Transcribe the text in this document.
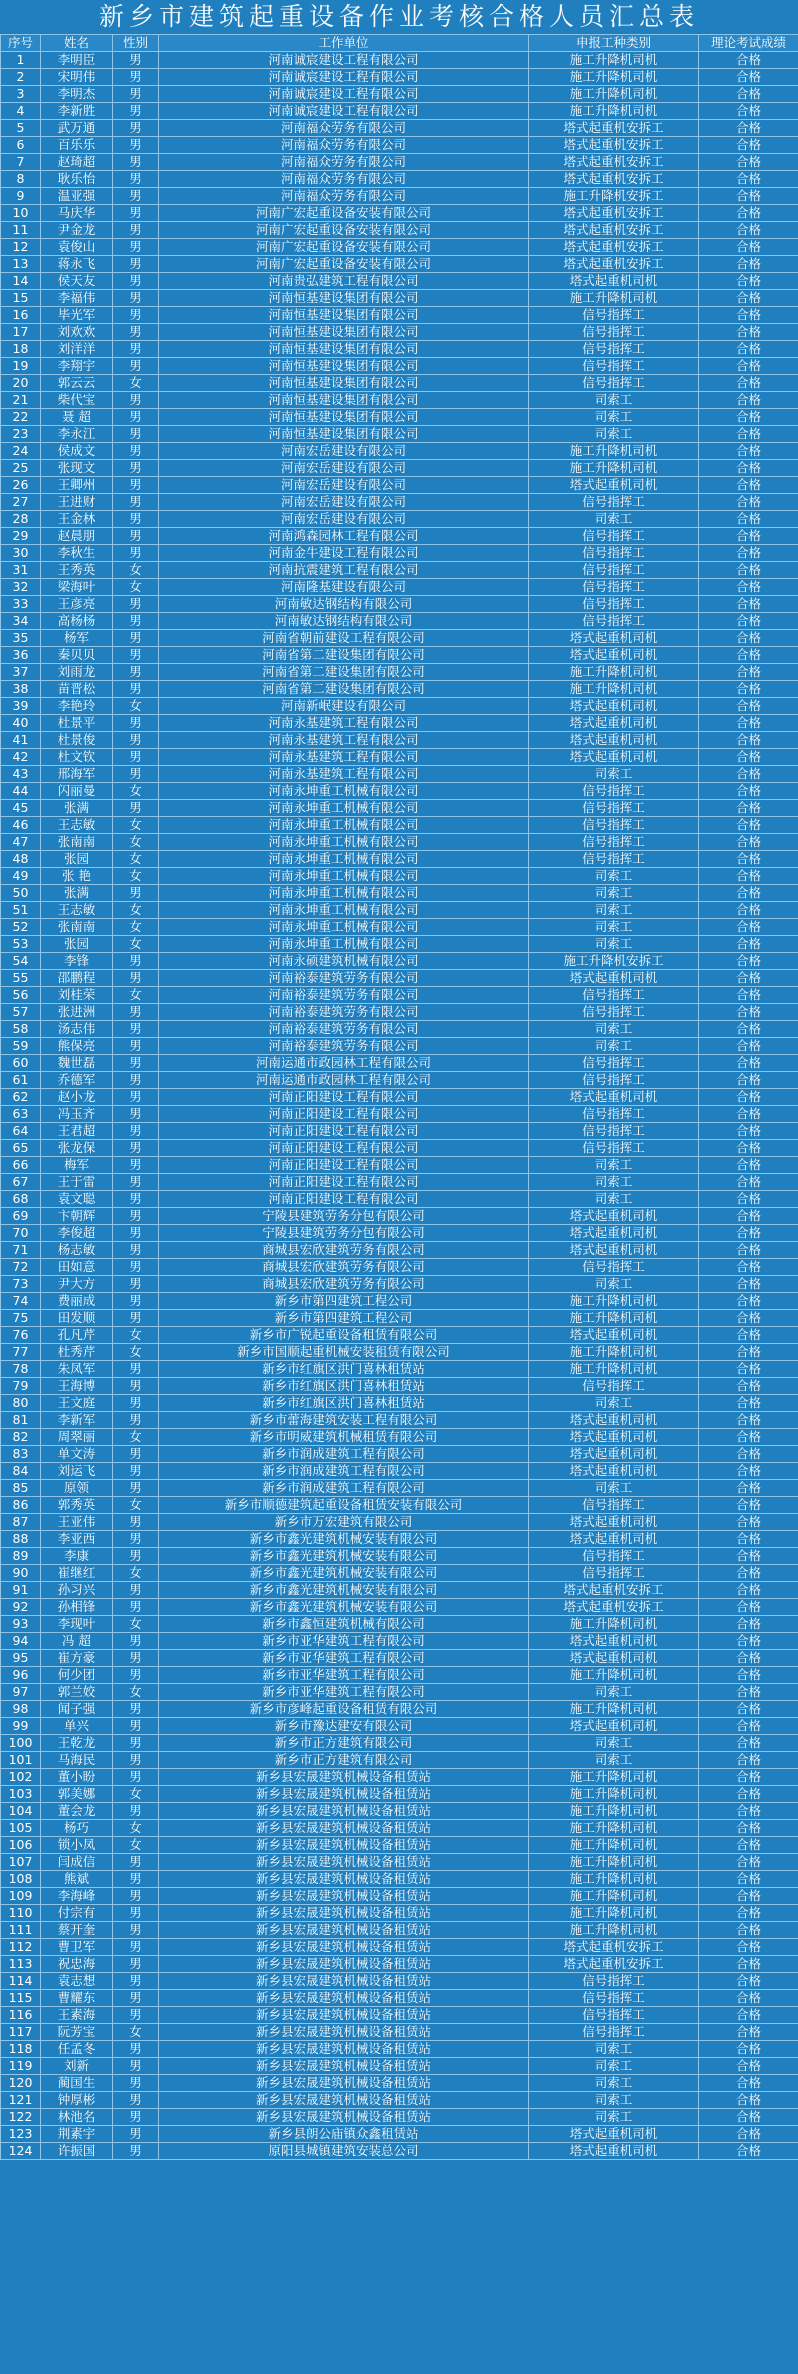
新乡市建筑起重设备作业考核合格人员汇总表
序号	姓名	性别	工作单位	申报工种类别	理论考试成绩
1	李明臣	男	河南诚宸建设工程有限公司	施工升降机司机	合格
2	宋明伟	男	河南诚宸建设工程有限公司	施工升降机司机	合格
3	李明杰	男	河南诚宸建设工程有限公司	施工升降机司机	合格
4	李新胜	男	河南诚宸建设工程有限公司	施工升降机司机	合格
5	武万通	男	河南福众劳务有限公司	塔式起重机安拆工	合格
6	百乐乐	男	河南福众劳务有限公司	塔式起重机安拆工	合格
7	赵琦超	男	河南福众劳务有限公司	塔式起重机安拆工	合格
8	耿乐怡	男	河南福众劳务有限公司	塔式起重机安拆工	合格
9	温亚强	男	河南福众劳务有限公司	施工升降机安拆工	合格
10	马庆华	男	河南广宏起重设备安装有限公司	塔式起重机安拆工	合格
11	尹金龙	男	河南广宏起重设备安装有限公司	塔式起重机安拆工	合格
12	袁俊山	男	河南广宏起重设备安装有限公司	塔式起重机安拆工	合格
13	蒋永飞	男	河南广宏起重设备安装有限公司	塔式起重机安拆工	合格
14	侯天友	男	河南贵弘建筑工程有限公司	塔式起重机司机	合格
15	李福伟	男	河南恒基建设集团有限公司	施工升降机司机	合格
16	毕光军	男	河南恒基建设集团有限公司	信号指挥工	合格
17	刘欢欢	男	河南恒基建设集团有限公司	信号指挥工	合格
18	刘洋洋	男	河南恒基建设集团有限公司	信号指挥工	合格
19	李翔宇	男	河南恒基建设集团有限公司	信号指挥工	合格
20	郭云云	女	河南恒基建设集团有限公司	信号指挥工	合格
21	柴代宝	男	河南恒基建设集团有限公司	司索工	合格
22	聂 超	男	河南恒基建设集团有限公司	司索工	合格
23	李永江	男	河南恒基建设集团有限公司	司索工	合格
24	侯成文	男	河南宏岳建设有限公司	施工升降机司机	合格
25	张现文	男	河南宏岳建设有限公司	施工升降机司机	合格
26	王卿州	男	河南宏岳建设有限公司	塔式起重机司机	合格
27	王进财	男	河南宏岳建设有限公司	信号指挥工	合格
28	王金林	男	河南宏岳建设有限公司	司索工	合格
29	赵晨朋	男	河南鸿森园林工程有限公司	信号指挥工	合格
30	李秋生	男	河南金牛建设工程有限公司	信号指挥工	合格
31	王秀英	女	河南抗震建筑工程有限公司	信号指挥工	合格
32	梁海叶	女	河南隆基建设有限公司	信号指挥工	合格
33	王彦亮	男	河南敏达钢结构有限公司	信号指挥工	合格
34	高杨杨	男	河南敏达钢结构有限公司	信号指挥工	合格
35	杨军	男	河南省朝前建设工程有限公司	塔式起重机司机	合格
36	秦贝贝	男	河南省第二建设集团有限公司	塔式起重机司机	合格
37	刘雨龙	男	河南省第二建设集团有限公司	施工升降机司机	合格
38	苗晋松	男	河南省第二建设集团有限公司	施工升降机司机	合格
39	李艳玲	女	河南新岷建设有限公司	塔式起重机司机	合格
40	杜景平	男	河南永基建筑工程有限公司	塔式起重机司机	合格
41	杜景俊	男	河南永基建筑工程有限公司	塔式起重机司机	合格
42	杜文钦	男	河南永基建筑工程有限公司	塔式起重机司机	合格
43	邢海军	男	河南永基建筑工程有限公司	司索工	合格
44	闪丽曼	女	河南永坤重工机械有限公司	信号指挥工	合格
45	张满	男	河南永坤重工机械有限公司	信号指挥工	合格
46	王志敏	女	河南永坤重工机械有限公司	信号指挥工	合格
47	张南南	女	河南永坤重工机械有限公司	信号指挥工	合格
48	张园	女	河南永坤重工机械有限公司	信号指挥工	合格
49	张 艳	女	河南永坤重工机械有限公司	司索工	合格
50	张满	男	河南永坤重工机械有限公司	司索工	合格
51	王志敏	女	河南永坤重工机械有限公司	司索工	合格
52	张南南	女	河南永坤重工机械有限公司	司索工	合格
53	张园	女	河南永坤重工机械有限公司	司索工	合格
54	李锋	男	河南永硕建筑机械有限公司	施工升降机安拆工	合格
55	邵鹏程	男	河南裕泰建筑劳务有限公司	塔式起重机司机	合格
56	刘桂荣	女	河南裕泰建筑劳务有限公司	信号指挥工	合格
57	张进洲	男	河南裕泰建筑劳务有限公司	信号指挥工	合格
58	汤志伟	男	河南裕泰建筑劳务有限公司	司索工	合格
59	熊保亮	男	河南裕泰建筑劳务有限公司	司索工	合格
60	魏世磊	男	河南运通市政园林工程有限公司	信号指挥工	合格
61	乔德军	男	河南运通市政园林工程有限公司	信号指挥工	合格
62	赵小龙	男	河南正阳建设工程有限公司	塔式起重机司机	合格
63	冯玉齐	男	河南正阳建设工程有限公司	信号指挥工	合格
64	王君超	男	河南正阳建设工程有限公司	信号指挥工	合格
65	张龙保	男	河南正阳建设工程有限公司	信号指挥工	合格
66	梅军	男	河南正阳建设工程有限公司	司索工	合格
67	王于雷	男	河南正阳建设工程有限公司	司索工	合格
68	袁文聪	男	河南正阳建设工程有限公司	司索工	合格
69	卞朝辉	男	宁陵县建筑劳务分包有限公司	塔式起重机司机	合格
70	李俊超	男	宁陵县建筑劳务分包有限公司	塔式起重机司机	合格
71	杨志敏	男	商城县宏欣建筑劳务有限公司	塔式起重机司机	合格
72	田如意	男	商城县宏欣建筑劳务有限公司	信号指挥工	合格
73	尹大方	男	商城县宏欣建筑劳务有限公司	司索工	合格
74	费丽成	男	新乡市第四建筑工程公司	施工升降机司机	合格
75	田发顺	男	新乡市第四建筑工程公司	施工升降机司机	合格
76	孔凡芹	女	新乡市广锐起重设备租赁有限公司	塔式起重机司机	合格
77	杜秀芹	女	新乡市国顺起重机械安装租赁有限公司	施工升降机司机	合格
78	朱凤军	男	新乡市红旗区洪门喜林租赁站	施工升降机司机	合格
79	王海博	男	新乡市红旗区洪门喜林租赁站	信号指挥工	合格
80	王文庭	男	新乡市红旗区洪门喜林租赁站	司索工	合格
81	李新军	男	新乡市蕾海建筑安装工程有限公司	塔式起重机司机	合格
82	周翠丽	女	新乡市明威建筑机械租赁有限公司	塔式起重机司机	合格
83	单文涛	男	新乡市润成建筑工程有限公司	塔式起重机司机	合格
84	刘运飞	男	新乡市润成建筑工程有限公司	塔式起重机司机	合格
85	原领	男	新乡市润成建筑工程有限公司	司索工	合格
86	郭秀英	女	新乡市顺德建筑起重设备租赁安装有限公司	信号指挥工	合格
87	王亚伟	男	新乡市万宏建筑有限公司	塔式起重机司机	合格
88	李亚西	男	新乡市鑫光建筑机械安装有限公司	塔式起重机司机	合格
89	李康	男	新乡市鑫光建筑机械安装有限公司	信号指挥工	合格
90	崔继红	女	新乡市鑫光建筑机械安装有限公司	信号指挥工	合格
91	孙习兴	男	新乡市鑫光建筑机械安装有限公司	塔式起重机安拆工	合格
92	孙相锋	男	新乡市鑫光建筑机械安装有限公司	塔式起重机安拆工	合格
93	李现叶	女	新乡市鑫恒建筑机械有限公司	施工升降机司机	合格
94	冯 超	男	新乡市亚华建筑工程有限公司	塔式起重机司机	合格
95	崔方豪	男	新乡市亚华建筑工程有限公司	塔式起重机司机	合格
96	何少团	男	新乡市亚华建筑工程有限公司	施工升降机司机	合格
97	郭兰姣	女	新乡市亚华建筑工程有限公司	司索工	合格
98	闻子强	男	新乡市彦峰起重设备租赁有限公司	施工升降机司机	合格
99	单兴	男	新乡市豫达建安有限公司	塔式起重机司机	合格
100	王乾龙	男	新乡市正方建筑有限公司	司索工	合格
101	马海民	男	新乡市正方建筑有限公司	司索工	合格
102	董小盼	男	新乡县宏晟建筑机械设备租赁站	施工升降机司机	合格
103	郭美娜	女	新乡县宏晟建筑机械设备租赁站	施工升降机司机	合格
104	董会龙	男	新乡县宏晟建筑机械设备租赁站	施工升降机司机	合格
105	杨巧	女	新乡县宏晟建筑机械设备租赁站	施工升降机司机	合格
106	锁小凤	女	新乡县宏晟建筑机械设备租赁站	施工升降机司机	合格
107	闫成信	男	新乡县宏晟建筑机械设备租赁站	施工升降机司机	合格
108	熊斌	男	新乡县宏晟建筑机械设备租赁站	施工升降机司机	合格
109	李海峰	男	新乡县宏晟建筑机械设备租赁站	施工升降机司机	合格
110	付宗有	男	新乡县宏晟建筑机械设备租赁站	施工升降机司机	合格
111	蔡开奎	男	新乡县宏晟建筑机械设备租赁站	施工升降机司机	合格
112	曹卫军	男	新乡县宏晟建筑机械设备租赁站	塔式起重机安拆工	合格
113	祝忠海	男	新乡县宏晟建筑机械设备租赁站	塔式起重机安拆工	合格
114	袁志想	男	新乡县宏晟建筑机械设备租赁站	信号指挥工	合格
115	曹耀东	男	新乡县宏晟建筑机械设备租赁站	信号指挥工	合格
116	王素海	男	新乡县宏晟建筑机械设备租赁站	信号指挥工	合格
117	阮芳宝	女	新乡县宏晟建筑机械设备租赁站	信号指挥工	合格
118	任孟冬	男	新乡县宏晟建筑机械设备租赁站	司索工	合格
119	刘新	男	新乡县宏晟建筑机械设备租赁站	司索工	合格
120	蔺国生	男	新乡县宏晟建筑机械设备租赁站	司索工	合格
121	钟厚彬	男	新乡县宏晟建筑机械设备租赁站	司索工	合格
122	林池名	男	新乡县宏晟建筑机械设备租赁站	司索工	合格
123	荆素宇	男	新乡县朗公庙镇众鑫租赁站	塔式起重机司机	合格
124	许振国	男	原阳县城镇建筑安装总公司	塔式起重机司机	合格
